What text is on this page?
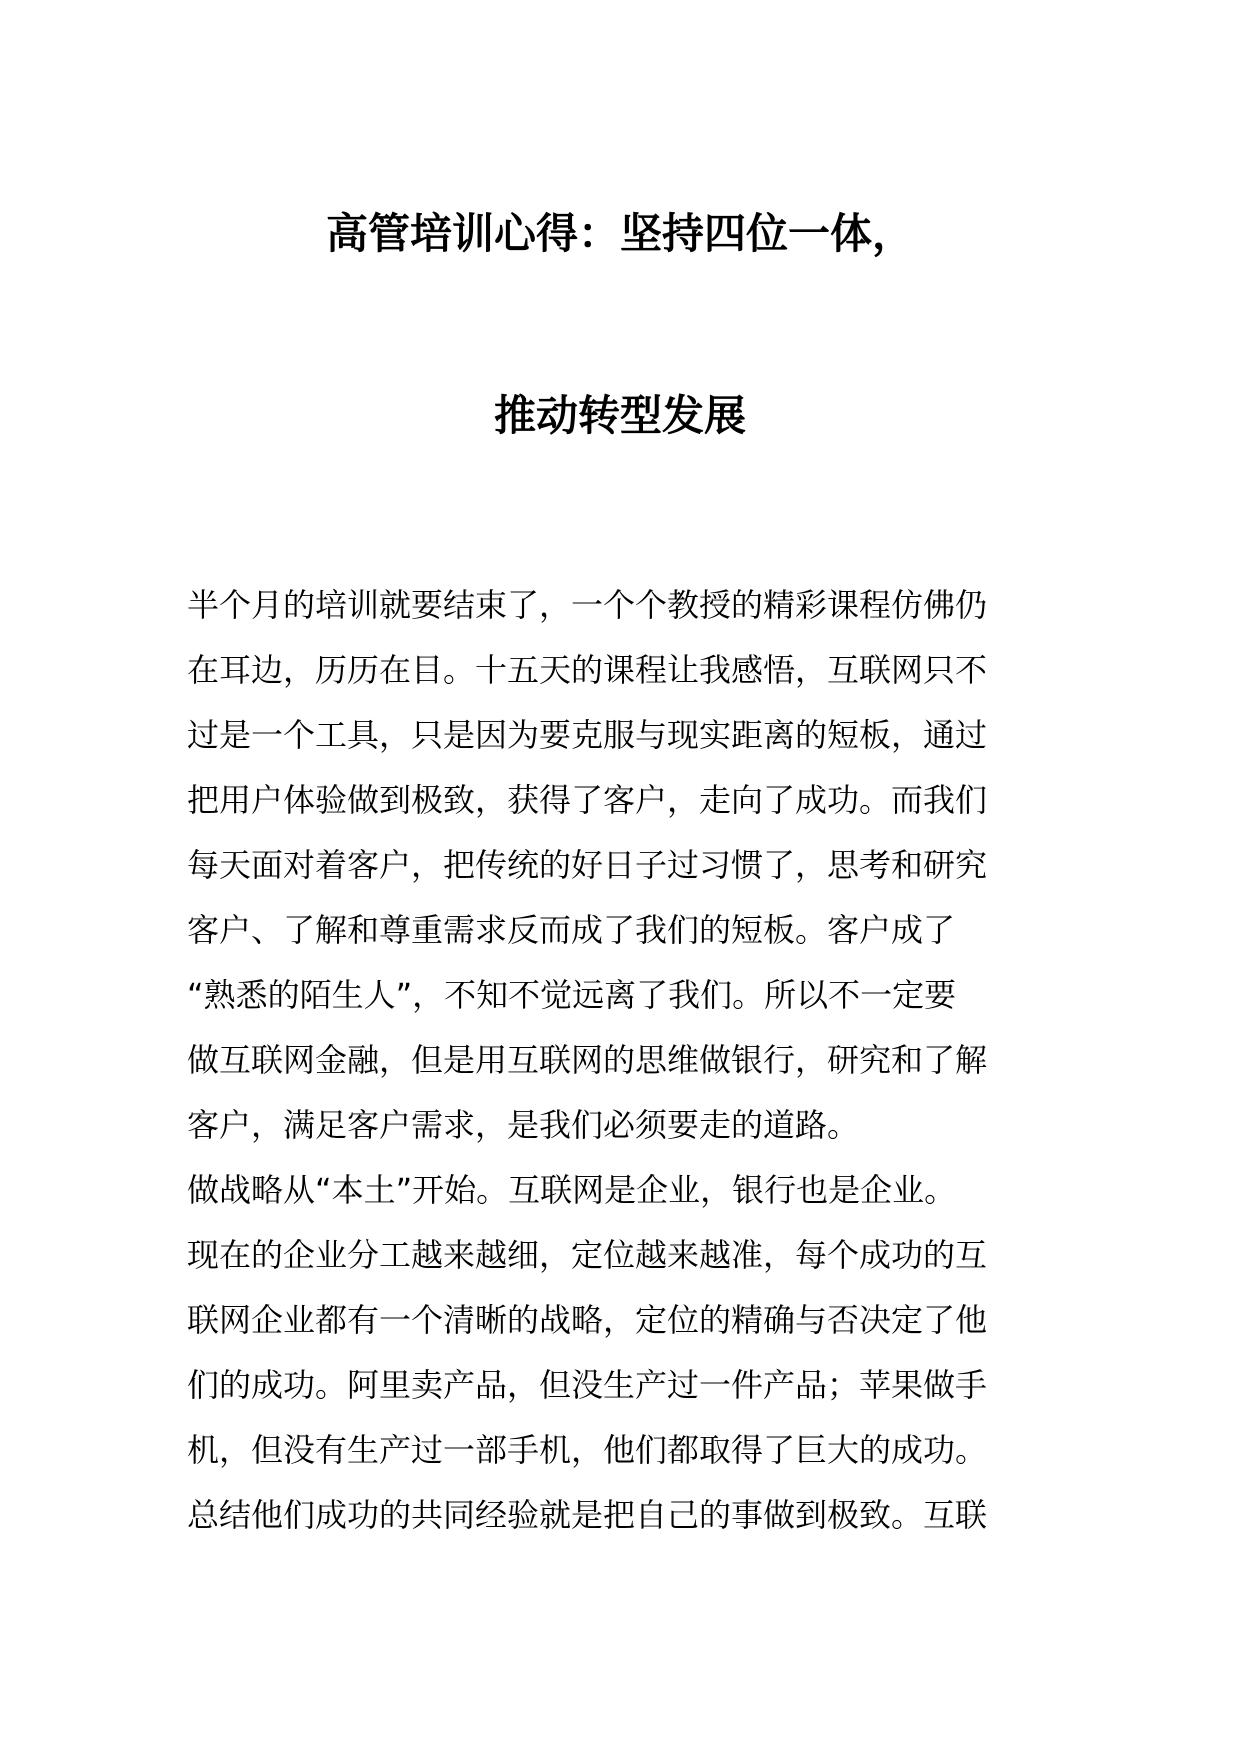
高管培训心得：坚持四位一体，
推动转型发展
半个月的培训就要结束了，一个个教授的精彩课程仿佛仍
在耳边，历历在目。十五天的课程让我感悟，互联网只不
过是一个工具，只是因为要克服与现实距离的短板，通过
把用户体验做到极致，获得了客户，走向了成功。而我们
每天面对着客户，把传统的好日子过习惯了，思考和研究
客户、了解和尊重需求反而成了我们的短板。客户成了
“熟悉的陌生人”，不知不觉远离了我们。所以不一定要
做互联网金融，但是用互联网的思维做银行，研究和了解
客户，满足客户需求，是我们必须要走的道路。
做战略从“本土”开始。互联网是企业，银行也是企业。
现在的企业分工越来越细，定位越来越准，每个成功的互
联网企业都有一个清晰的战略，定位的精确与否决定了他
们的成功。阿里卖产品，但没生产过一件产品；苹果做手
机，但没有生产过一部手机，他们都取得了巨大的成功。
总结他们成功的共同经验就是把自己的事做到极致。互联
